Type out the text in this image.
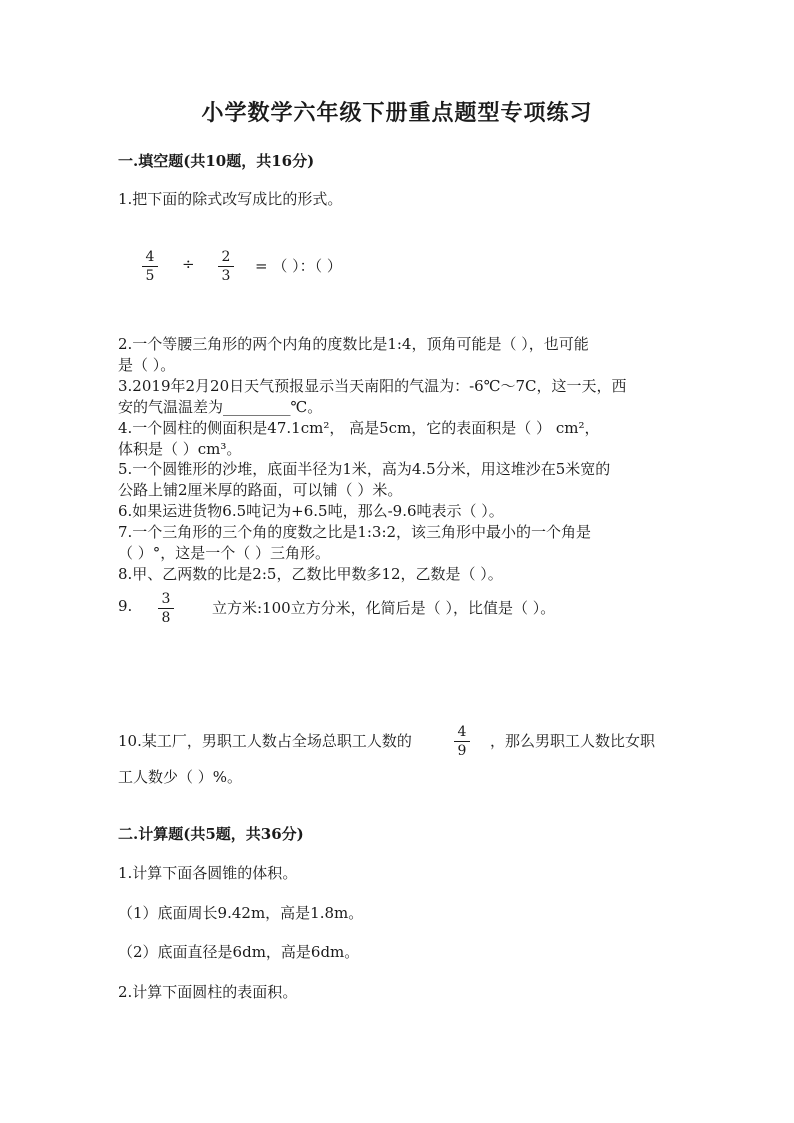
小学数学六年级下册重点题型专项练习
一.填空题(共10题，共16分)
1.把下面的除式改写成比的形式。
4
5
÷ 2
3
= （ ）：（ ）
2.一个等腰三角形的两个内角的度数比是1:4，顶角可能是（ ），也可能
是（ ）。
3.2019年2月20日天气预报显示当天南阳的气温为：-6℃～7C，这一天，西
安的气温温差为_________℃。
4.一个圆柱的侧面积是47.1cm²， 高是5cm，它的表面积是（ ） cm²，
体积是（ ）cm³。
5.一个圆锥形的沙堆，底面半径为1米，高为4.5分米，用这堆沙在5米宽的
公路上铺2厘米厚的路面，可以铺（ ）米。
6.如果运进货物6.5吨记为+6.5吨，那么-9.6吨表示（ ）。
7.一个三角形的三个角的度数之比是1:3:2，该三角形中最小的一个角是
（ ）°，这是一个（ ）三角形。
8.甲、乙两数的比是2:5，乙数比甲数多12，乙数是（ ）。
9. 3
8
立方米:100立方分米，化简后是（ ），比值是（ ）。
10.某工厂，男职工人数占全场总职工人数的	4
9
，那么男职工人数比女职
工人数少（ ）%。
二.计算题(共5题，共36分)
1.计算下面各圆锥的体积。
（1）底面周长9.42m，高是1.8m。
（2）底面直径是6dm，高是6dm。
2.计算下面圆柱的表面积。
